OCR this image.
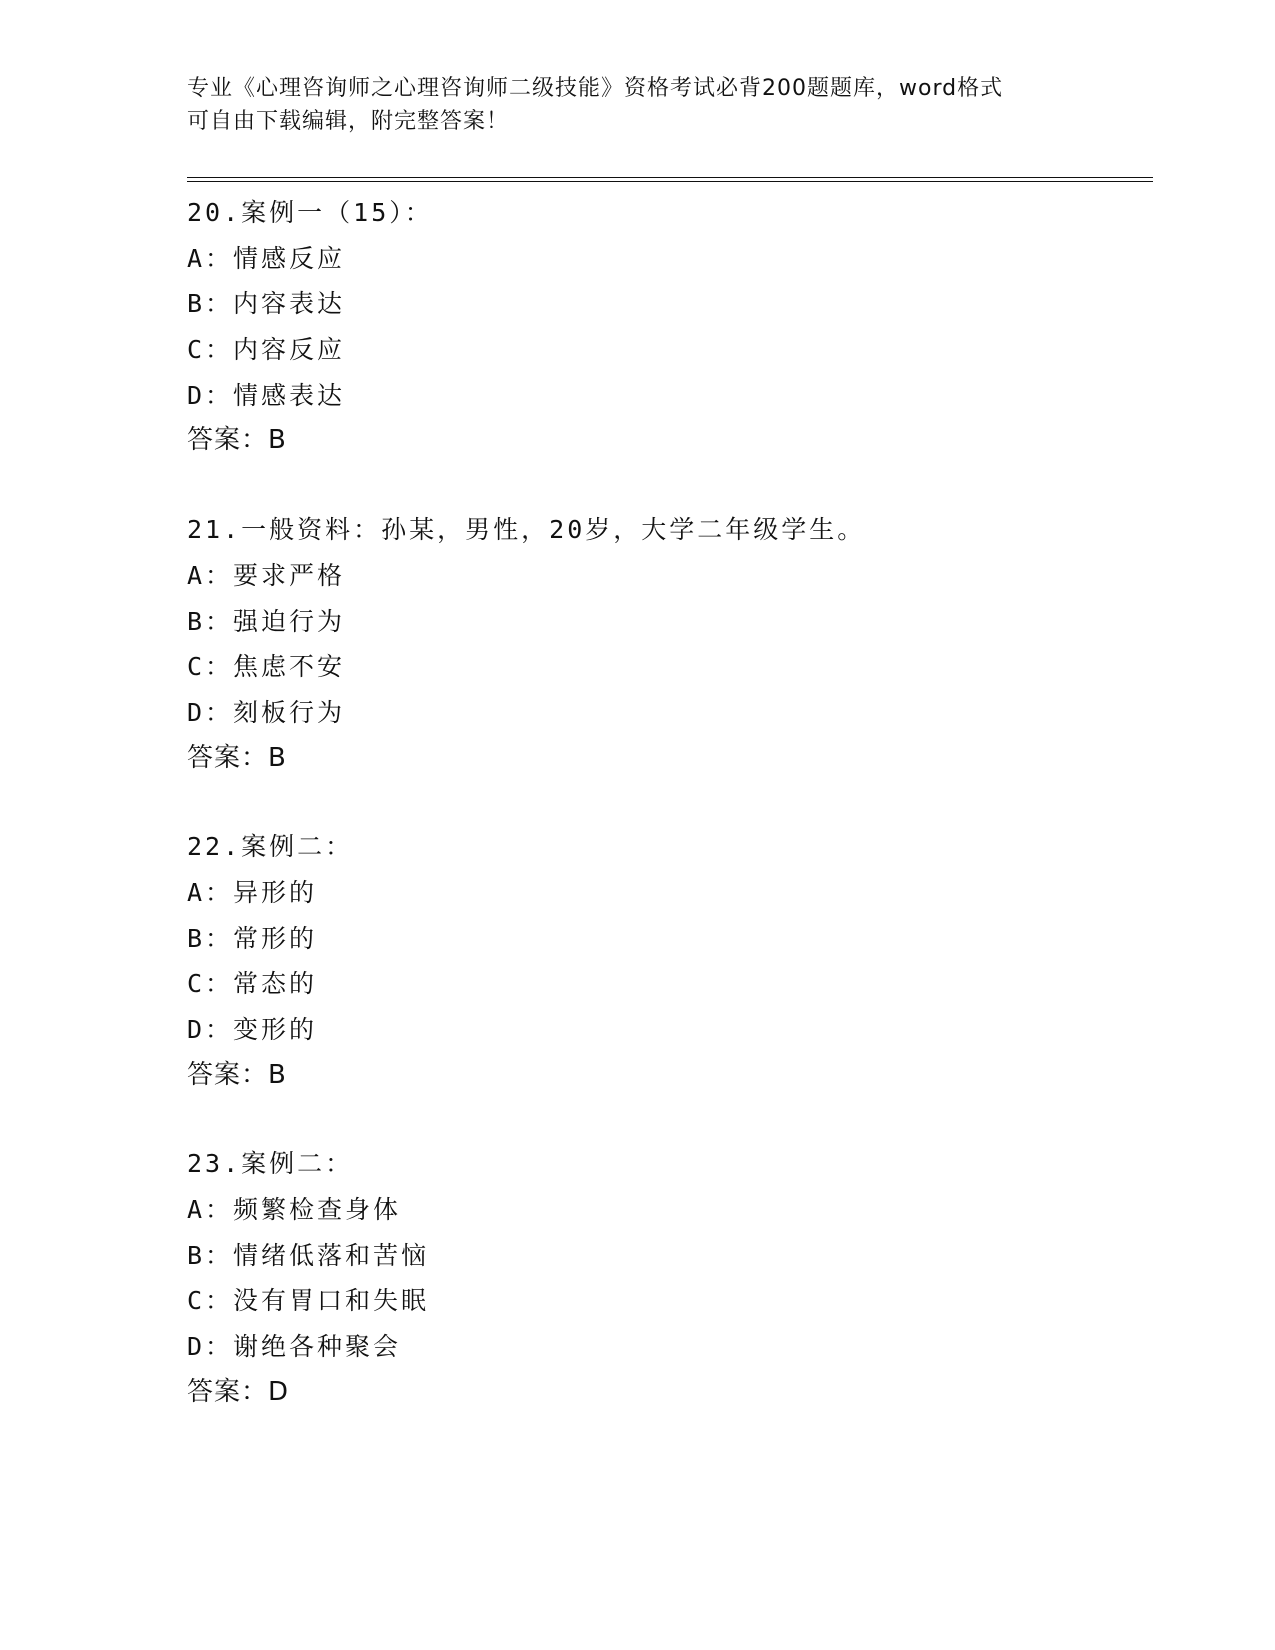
专业《心理咨询师之心理咨询师二级技能》资格考试必背200题题库，word格式
可自由下载编辑，附完整答案！
20.案例一（15）：
A：情感反应
B：内容表达
C：内容反应
D：情感表达
答案：B
21.一般资料：孙某，男性，20岁，大学二年级学生。
A：要求严格
B：强迫行为
C：焦虑不安
D：刻板行为
答案：B
22.案例二：
A：异形的
B：常形的
C：常态的
D：变形的
答案：B
23.案例二：
A：频繁检查身体
B：情绪低落和苦恼
C：没有胃口和失眠
D：谢绝各种聚会
答案：D
